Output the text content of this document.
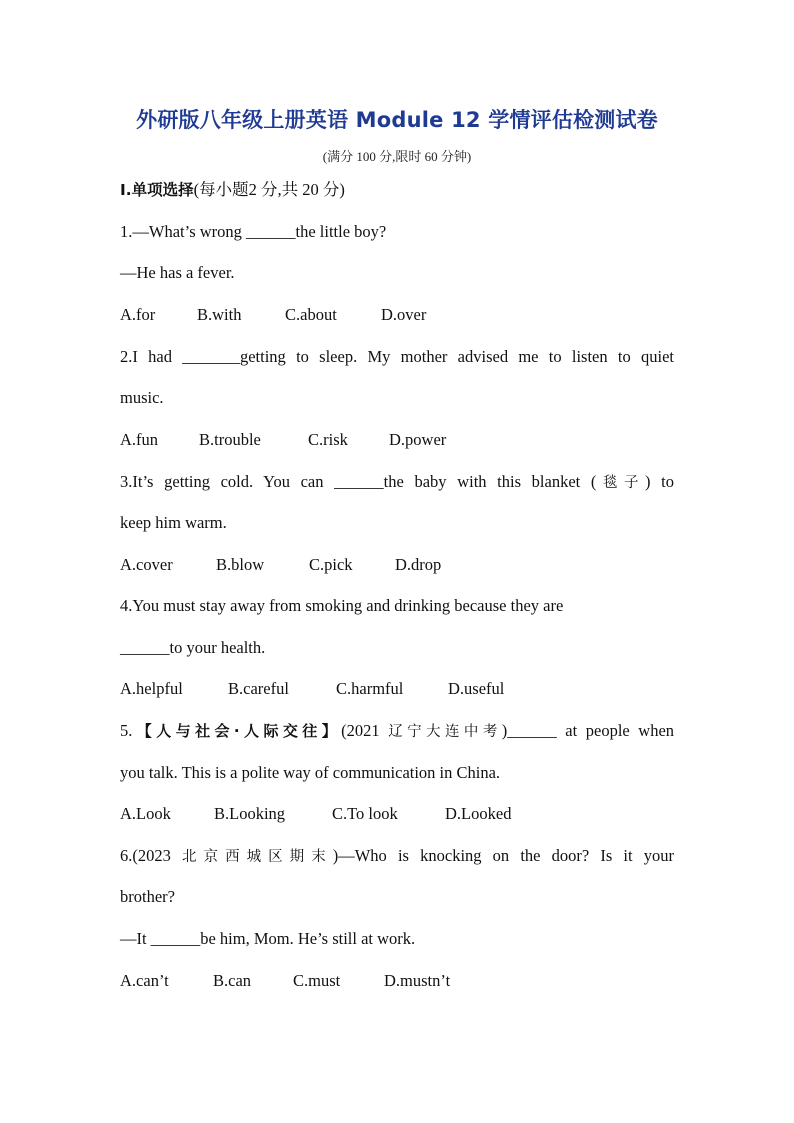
外研版八年级上册英语 Module 12 学情评估检测试卷
(满分 100 分,限时 60 分钟)
Ⅰ.单项选择(每小题2 分,共 20 分)
1.—What’s wrong ______the little boy?
—He has a fever.
A.for	B.with	C.about	D.over
2.I had _______getting to sleep. My mother advised me to listen to quiet
music.
A.fun B.trouble	C.risk D.power
3.It’s getting cold. You can ______the baby with this blanket (毯子) to
keep him warm.
A.cover	B.blow	C.pick	D.drop
4.You must stay away from smoking and drinking because they are
______to your health.
A.helpful	B.careful	C.harmful	D.useful
5.【人与社会·人际交往】(2021 辽宁大连中考)______ at people when
you talk. This is a polite way of communication in China.
A.Look	B.Looking	C.To look	D.Looked
6.(2023 北京西城区期末)—Who is knocking on the door? Is it your
brother?
—It ______be him, Mom. He’s still at work.
A.can’t	B.can	C.must	D.mustn’t
